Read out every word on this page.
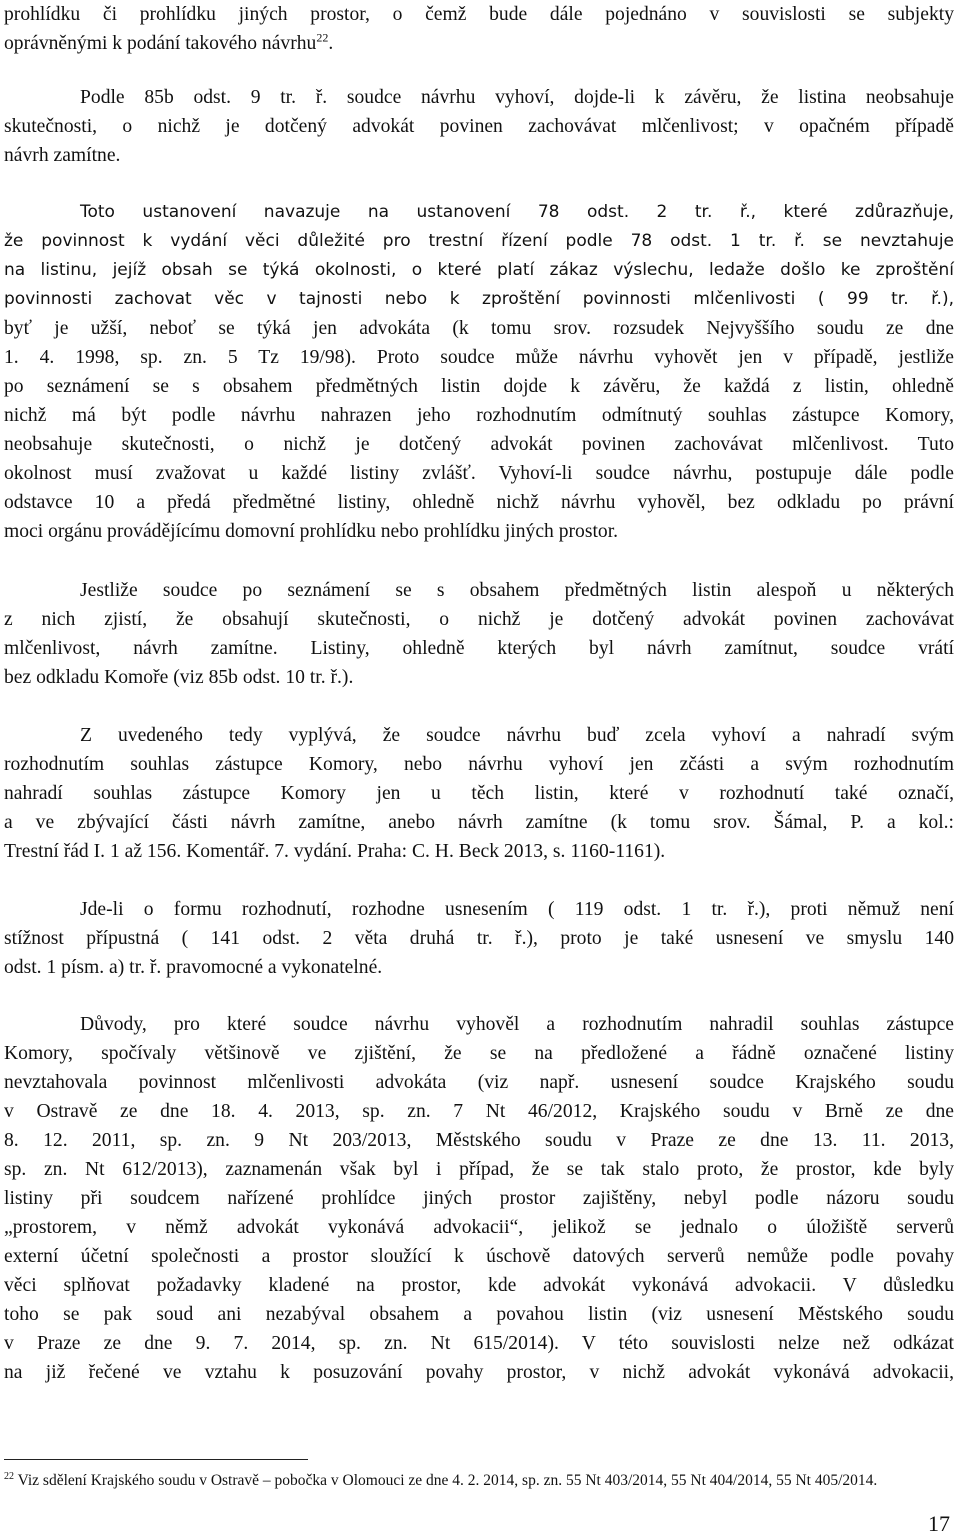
prohlídku či prohlídku jiných prostor, o čemž bude dále pojednáno v souvislosti se subjekty
oprávněnými k podání takového návrhu$^{22}$.
Podle 85b odst. 9 tr. ř. soudce návrhu vyhoví, dojde-li k závěru, že listina neobsahuje
skutečnosti, o nichž je dotčený advokát povinen zachovávat mlčenlivost; v opačném případě
návrh zamítne.
Toto ustanovení navazuje na ustanovení 78 odst. 2 tr. ř., které zdůrazňuje,
že povinnost k vydání věci důležité pro trestní řízení podle 78 odst. 1 tr. ř. se nevztahuje
na listinu, jejíž obsah se týká okolnosti, o které platí zákaz výslechu, ledaže došlo ke zproštění
povinnosti zachovat věc v tajnosti nebo k zproštění povinnosti mlčenlivosti ( 99 tr. ř.),
byť je užší, neboť se týká jen advokáta (k tomu srov. rozsudek Nejvyššího soudu ze dne
1. 4. 1998, sp. zn. 5 Tz 19/98). Proto soudce může návrhu vyhovět jen v případě, jestliže
po seznámení se s obsahem předmětných listin dojde k závěru, že každá z listin, ohledně
nichž má být podle návrhu nahrazen jeho rozhodnutím odmítnutý souhlas zástupce Komory,
neobsahuje skutečnosti, o nichž je dotčený advokát povinen zachovávat mlčenlivost. Tuto
okolnost musí zvažovat u každé listiny zvlášť. Vyhoví-li soudce návrhu, postupuje dále podle
odstavce 10 a předá předmětné listiny, ohledně nichž návrhu vyhověl, bez odkladu po právní
moci orgánu provádějícímu domovní prohlídku nebo prohlídku jiných prostor.
Jestliže soudce po seznámení se s obsahem předmětných listin alespoň u některých
z nich zjistí, že obsahují skutečnosti, o nichž je dotčený advokát povinen zachovávat
mlčenlivost, návrh zamítne. Listiny, ohledně kterých byl návrh zamítnut, soudce vrátí
bez odkladu Komoře (viz 85b odst. 10 tr. ř.).
Z uvedeného tedy vyplývá, že soudce návrhu buď zcela vyhoví a nahradí svým
rozhodnutím souhlas zástupce Komory, nebo návrhu vyhoví jen zčásti a svým rozhodnutím
nahradí souhlas zástupce Komory jen u těch listin, které v rozhodnutí také označí,
a ve zbývající části návrh zamítne, anebo návrh zamítne (k tomu srov. Šámal, P. a kol.:
Trestní řád I. 1 až 156. Komentář. 7. vydání. Praha: C. H. Beck 2013, s. 1160-1161).
Jde-li o formu rozhodnutí, rozhodne usnesením ( 119 odst. 1 tr. ř.), proti němuž není
stížnost přípustná ( 141 odst. 2 věta druhá tr. ř.), proto je také usnesení ve smyslu 140
odst. 1 písm. a) tr. ř. pravomocné a vykonatelné.
Důvody, pro které soudce návrhu vyhověl a rozhodnutím nahradil souhlas zástupce
Komory, spočívaly většinově ve zjištění, že se na předložené a řádně označené listiny
nevztahovala povinnost mlčenlivosti advokáta (viz např. usnesení soudce Krajského soudu
v Ostravě ze dne 18. 4. 2013, sp. zn. 7 Nt 46/2012, Krajského soudu v Brně ze dne
8. 12. 2011, sp. zn. 9 Nt 203/2013, Městského soudu v Praze ze dne 13. 11. 2013,
sp. zn. Nt 612/2013), zaznamenán však byl i případ, že se tak stalo proto, že prostor, kde byly
listiny při soudcem nařízené prohlídce jiných prostor zajištěny, nebyl podle názoru soudu
„prostorem, v němž advokát vykonává advokacii“, jelikož se jednalo o úložiště serverů
externí účetní společnosti a prostor sloužící k úschově datových serverů nemůže podle povahy
věci splňovat požadavky kladené na prostor, kde advokát vykonává advokacii. V důsledku
toho se pak soud ani nezabýval obsahem a povahou listin (viz usnesení Městského soudu
v Praze ze dne 9. 7. 2014, sp. zn. Nt 615/2014). V této souvislosti nelze než odkázat
na již řečené ve vztahu k posuzování povahy prostor, v nichž advokát vykonává advokacii,

$^{22}$ Viz sdělení Krajského soudu v Ostravě – pobočka v Olomouci ze dne 4. 2. 2014, sp. zn. 55 Nt 403/2014, 55 Nt 404/2014, 55 Nt 405/2014.

17
